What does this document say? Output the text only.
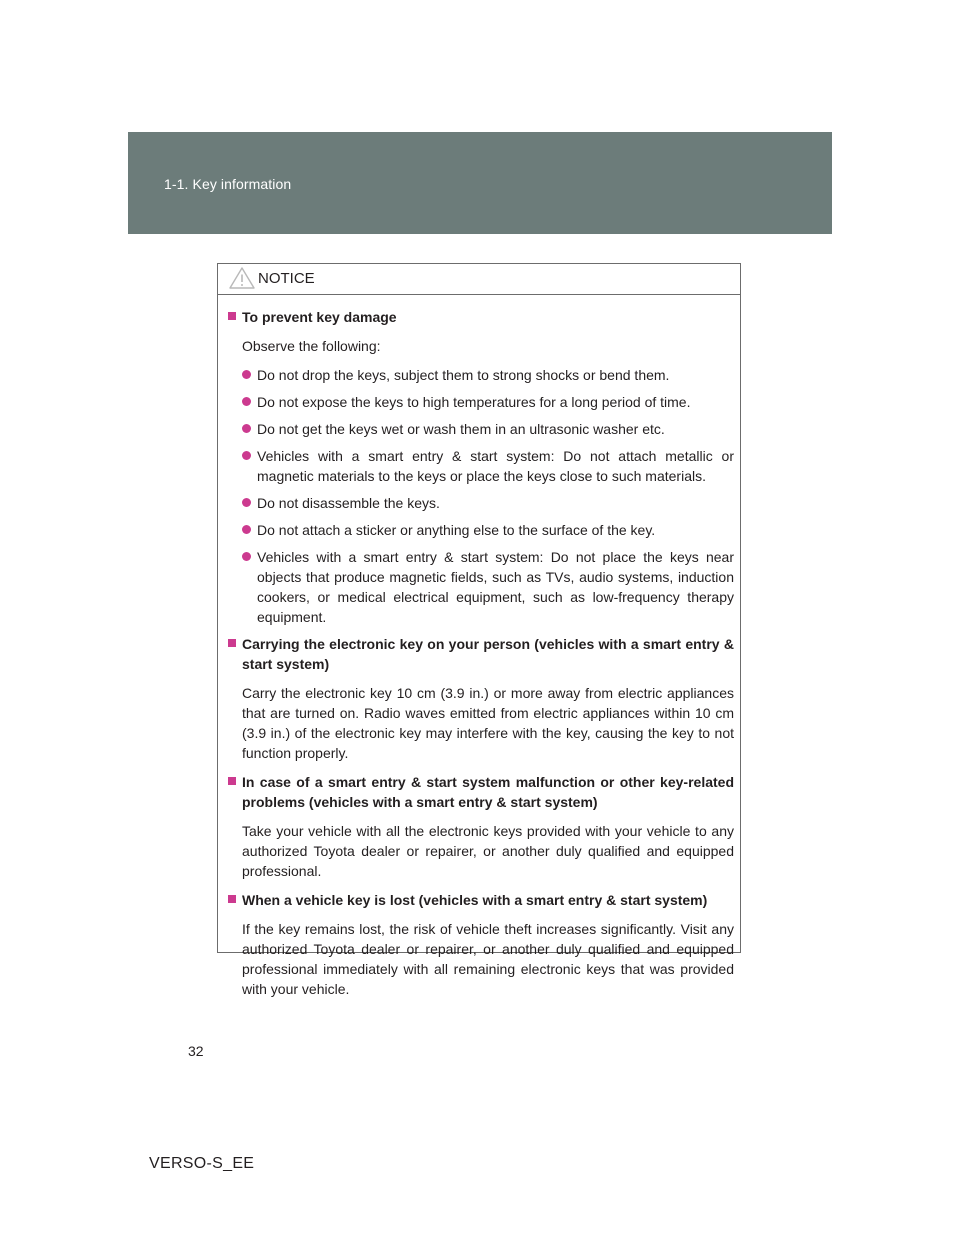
1-1. Key information
NOTICE
To prevent key damage
Observe the following:
Do not drop the keys, subject them to strong shocks or bend them.
Do not expose the keys to high temperatures for a long period of time.
Do not get the keys wet or wash them in an ultrasonic washer etc.
Vehicles with a smart entry & start system: Do not attach metallic or magnetic materials to the keys or place the keys close to such materials.
Do not disassemble the keys.
Do not attach a sticker or anything else to the surface of the key.
Vehicles with a smart entry & start system: Do not place the keys near objects that produce magnetic fields, such as TVs, audio systems, induction cookers, or medical electrical equipment, such as low-frequency therapy equipment.
Carrying the electronic key on your person (vehicles with a smart entry & start system)
Carry the electronic key 10 cm (3.9 in.) or more away from electric appliances that are turned on. Radio waves emitted from electric appliances within 10 cm (3.9 in.) of the electronic key may interfere with the key, causing the key to not function properly.
In case of a smart entry & start system malfunction or other key-related problems (vehicles with a smart entry & start system)
Take your vehicle with all the electronic keys provided with your vehicle to any authorized Toyota dealer or repairer, or another duly qualified and equipped professional.
When a vehicle key is lost (vehicles with a smart entry & start system)
If the key remains lost, the risk of vehicle theft increases significantly. Visit any authorized Toyota dealer or repairer, or another duly qualified and equipped professional immediately with all remaining electronic keys that was provided with your vehicle.
32
VERSO-S_EE
